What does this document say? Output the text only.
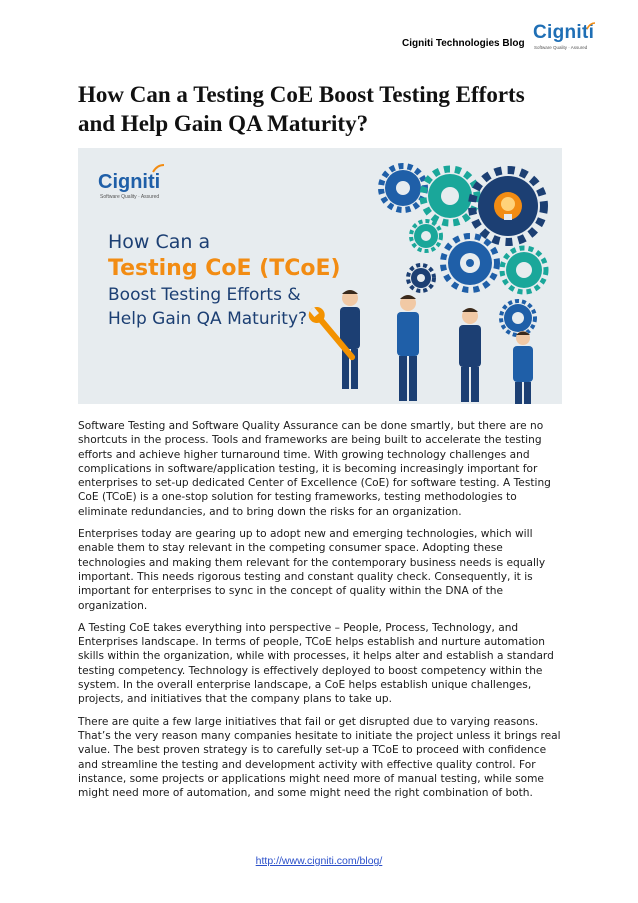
Cigniti Technologies Blog
Cigniti
Software Quality · Assured
How Can a Testing CoE Boost Testing Efforts and Help Gain QA Maturity?
Cigniti
Software Quality · Assured
How Can a
Testing CoE (TCoE)
Boost Testing Efforts &
Help Gain QA Maturity?

Software Testing and Software Quality Assurance can be done smartly, but there are no shortcuts in the process. Tools and frameworks are being built to accelerate the testing efforts and achieve higher turnaround time. With growing technology challenges and complications in software/application testing, it is becoming increasingly important for enterprises to set-up dedicated Center of Excellence (CoE) for software testing. A Testing CoE (TCoE) is a one-stop solution for testing frameworks, testing methodologies to eliminate redundancies, and to bring down the risks for an organization.

Enterprises today are gearing up to adopt new and emerging technologies, which will enable them to stay relevant in the competing consumer space. Adopting these technologies and making them relevant for the contemporary business needs is equally important. This needs rigorous testing and constant quality check. Consequently, it is important for enterprises to sync in the concept of quality within the DNA of the organization.

A Testing CoE takes everything into perspective – People, Process, Technology, and Enterprises landscape. In terms of people, TCoE helps establish and nurture automation skills within the organization, while with processes, it helps alter and establish a standard testing competency. Technology is effectively deployed to boost competency within the system. In the overall enterprise landscape, a CoE helps establish unique challenges, projects, and initiatives that the company plans to take up.

There are quite a few large initiatives that fail or get disrupted due to varying reasons. That’s the very reason many companies hesitate to initiate the project unless it brings real value. The best proven strategy is to carefully set-up a TCoE to proceed with confidence and streamline the testing and development activity with effective quality control. For instance, some projects or applications might need more of manual testing, while some might need more of automation, and some might need the right combination of both.

http://www.cigniti.com/blog/
